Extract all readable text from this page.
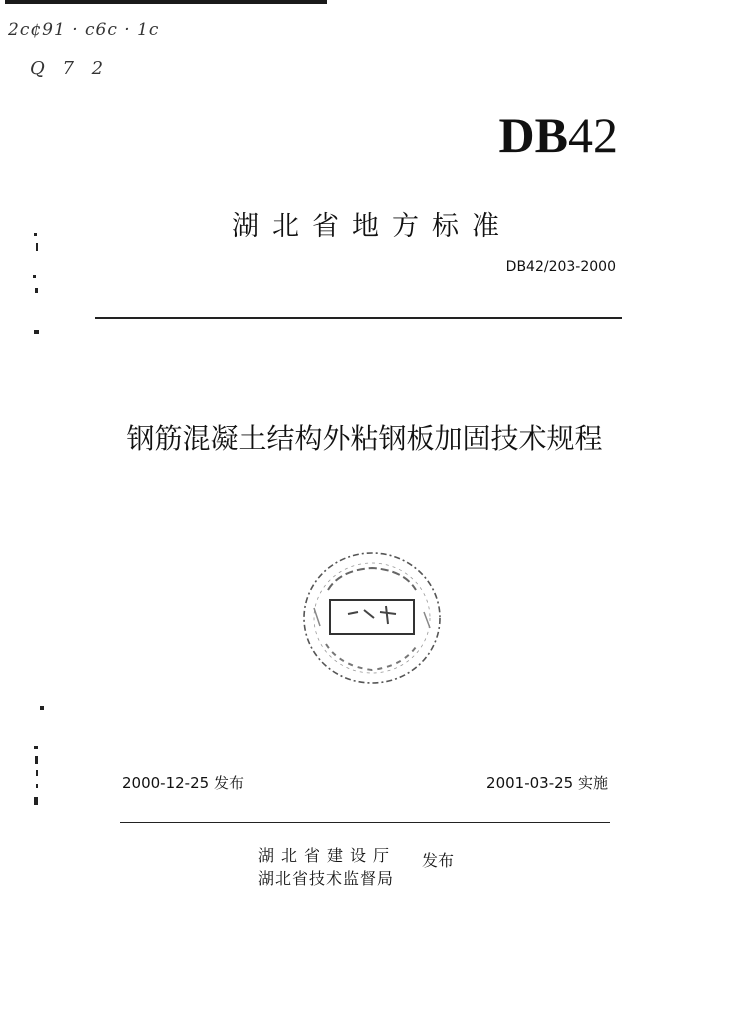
2c¢91 · c6c · 1c
Q 7 2
DB42
湖北省地方标准
DB42/203-2000
钢筋混凝土结构外粘钢板加固技术规程
2000-12-25 发布	2001-03-25 实施
湖北省建设厅
湖北省技术监督局
发布
